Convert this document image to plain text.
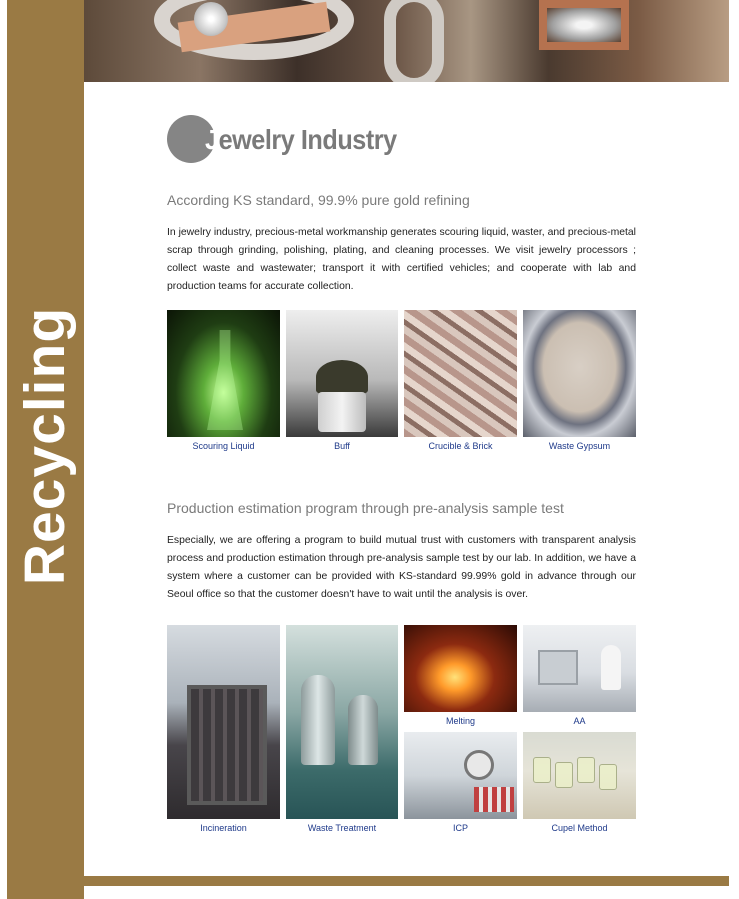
Recycling
Jewelry Industry
According KS standard, 99.9% pure gold refining
In jewelry industry, precious-metal workmanship generates scouring liquid, waster, and precious-metal scrap through grinding, polishing, plating, and cleaning processes. We visit jewelry processors ; collect waste and wastewater; transport it with certified vehicles; and cooperate with lab and production teams for accurate collection.
Scouring Liquid	Buff	Crucible & Brick	Waste Gypsum
Production estimation program through pre-analysis sample test
Especially, we are offering a program to build mutual trust with customers with transparent analysis process and production estimation through pre-analysis sample test by our lab. In addition, we have a system where a customer can be provided with KS-standard 99.99% gold in advance through our Seoul office so that the customer doesn't have to wait until the analysis is over.
Incineration	Waste Treatment
Melting	AA
ICP	Cupel Method
